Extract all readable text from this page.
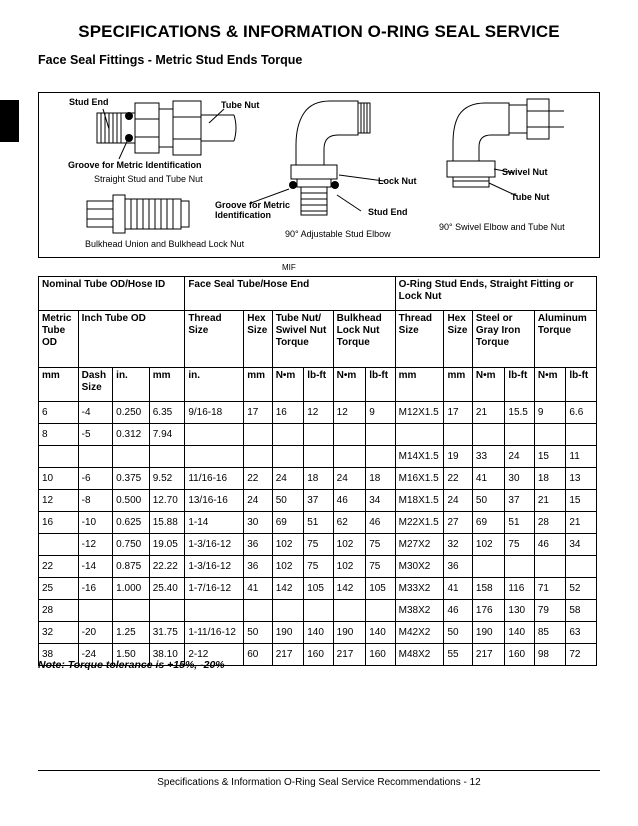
SPECIFICATIONS & INFORMATION O-RING SEAL SERVICE
Face Seal Fittings - Metric Stud Ends Torque
Stud End	Tube Nut
Groove for Metric Identification
Straight Stud and Tube Nut	Lock Nut
Swivel Nut
Tube Nut
Groove for Metric
Identification	Stud End
90° Adjustable Stud Elbow
90° Swivel Elbow and Tube Nut
Bulkhead Union and Bulkhead Lock Nut
MIF
Nominal Tube OD/Hose ID				Face Seal Tube/Hose End						O-Ring Stud Ends, Straight Fitting or Lock Nut					
Metric Tube OD	Inch Tube OD			Thread Size	Hex Size	Tube Nut/ Swivel Nut Torque		Bulkhead Lock Nut Torque		Thread Size	Hex Size	Steel or Gray Iron Torque		Aluminum Torque	
mm	Dash Size	in.	mm	in.	mm	N•m	lb-ft	N•m	lb-ft	mm	mm	N•m	lb-ft	N•m	lb-ft
6	-4	0.250	6.35	9/16-18	17	16	12	12	9	M12X1.5	17	21	15.5	9	6.6
8	-5	0.312	7.94												
										M14X1.5	19	33	24	15	11
10	-6	0.375	9.52	11/16-16	22	24	18	24	18	M16X1.5	22	41	30	18	13
12	-8	0.500	12.70	13/16-16	24	50	37	46	34	M18X1.5	24	50	37	21	15
16	-10	0.625	15.88	1-14	30	69	51	62	46	M22X1.5	27	69	51	28	21
	-12	0.750	19.05	1-3/16-12	36	102	75	102	75	M27X2	32	102	75	46	34
22	-14	0.875	22.22	1-3/16-12	36	102	75	102	75	M30X2	36				
25	-16	1.000	25.40	1-7/16-12	41	142	105	142	105	M33X2	41	158	116	71	52
28										M38X2	46	176	130	79	58
32	-20	1.25	31.75	1-11/16-12	50	190	140	190	140	M42X2	50	190	140	85	63
38	-24	1.50	38.10	2-12	60	217	160	217	160	M48X2	55	217	160	98	72
Note: Torque tolerance is +15%, -20%
Specifications & Information O-Ring Seal Service Recommendations - 12
